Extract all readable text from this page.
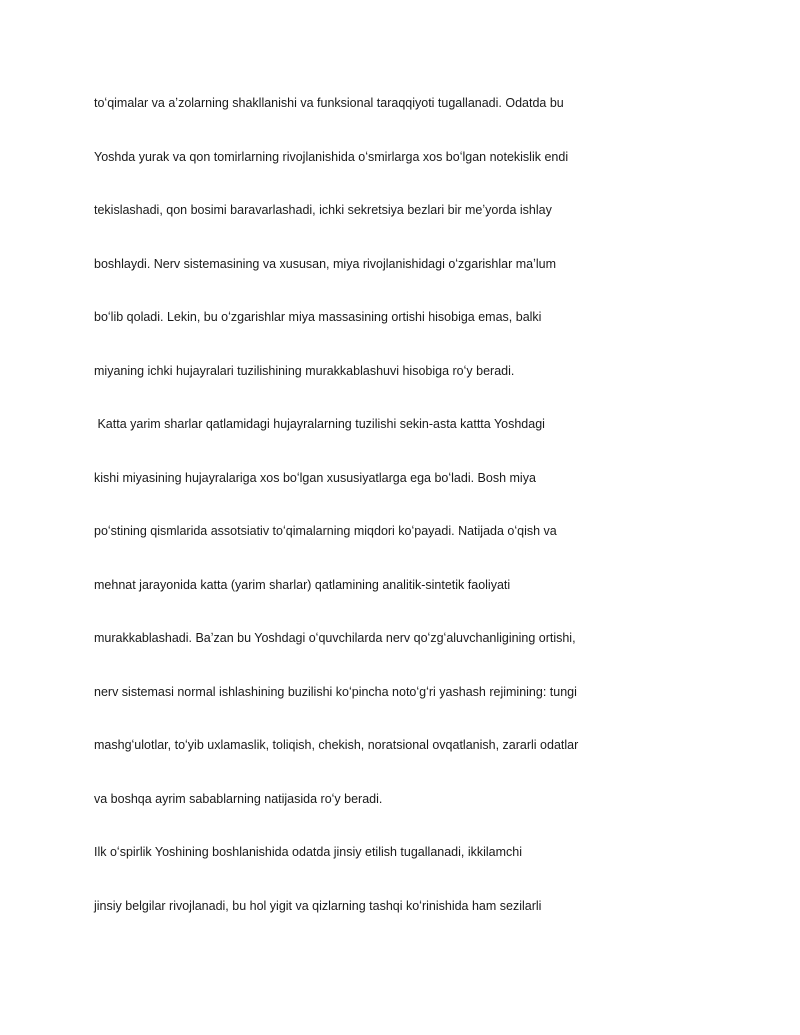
toʻqimalar va aʼzolarning shakllanishi va funksional taraqqiyoti tugallanadi. Odatda bu

Yoshda yurak va qon tomirlarning rivojlanishida oʻsmirlarga xos boʻlgan notekislik endi

tekislashadi, qon bosimi baravarlashadi, ichki sekretsiya bezlari bir meʼyorda ishlay

boshlaydi. Nerv sistemasining va xususan, miya rivojlanishidagi oʻzgarishlar maʼlum

boʻlib qoladi. Lekin, bu oʻzgarishlar miya massasining ortishi hisobiga emas, balki

miyaning ichki hujayralari tuzilishining murakkablashuvi hisobiga roʻy beradi.

Katta yarim sharlar qatlamidagi hujayralarning tuzilishi sekin-asta kattta Yoshdagi

kishi miyasining hujayralariga xos boʻlgan xususiyatlarga ega boʻladi. Bosh miya

poʻstining qismlarida assotsiativ toʻqimalarning miqdori koʻpayadi. Natijada oʻqish va

mehnat jarayonida katta (yarim sharlar) qatlamining analitik-sintetik faoliyati

murakkablashadi. Baʼzan bu Yoshdagi oʻquvchilarda nerv qoʻzgʻaluvchanligining ortishi,

nerv sistemasi normal ishlashining buzilishi koʻpincha notoʻgʻri yashash rejimining: tungi

mashgʻulotlar, toʻyib uxlamaslik, toliqish, chekish, noratsional ovqatlanish, zararli odatlar

va boshqa ayrim sabablarning natijasida roʻy beradi.

Ilk oʻspirlik Yoshining boshlanishida odatda jinsiy etilish tugallanadi, ikkilamchi

jinsiy belgilar rivojlanadi, bu hol yigit va qizlarning tashqi koʻrinishida ham sezilarli
